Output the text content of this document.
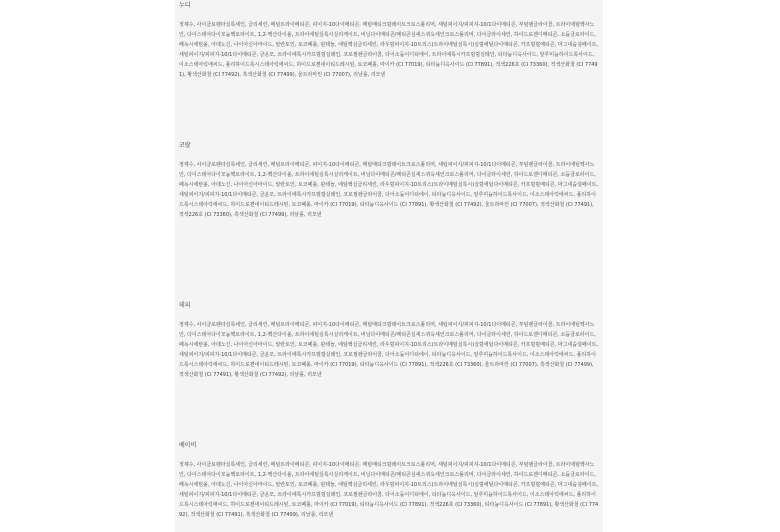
누디

정제수, 사이클로펜타실록세인, 글리세린, 메틸트라이메티콘, 피이지-10다이메티콘, 메틸메티크릴레이트크로스폴리머, 세틸피이지/피피지-10/1다이메티콘, 부틸렌글라이콜, 트라이에틸헥사노인, 다이스테아다이모늄헥토라이트, 1,2-헥산다이올, 트라이에틸실록시실리케이트, 비닐다이메티콘/메티콘실세스퀴옥세인크로스폴리머, 다이글라이세린, 하이드로젠디메티콘, 소듐클로라이드, 페녹시에탄올, 아데노신, 나이아신아마이드, 알란토인, 토코페롤, 판테놀, 에틸헥실글리세린, 라우릴피이지-10트리스(트라이메틸실록시)실릴에틸다이메티콘, 카프릴릴메티콘, 마그네슘설페이트, 세틸피이지/피피지-10/1다이메티콘, 금운모, 트라이에톡시카프릴릴실레인, 프로필렌글라이콜, 다이소듐이디티에이, 트라이에톡시카프릴릴실레인, 티타늄디옥사이드, 알루미늄하이드록사이드, 이소스테아릭애씨드, 폴리하이드록시스테아릭애씨드, 하이드로젠네이티드레시틴, 토코페롤, 마이카 (CI 77019), 티타늄디옥사이드 (CI 77891), 적색226호 (CI 73360), 적색산화철 (CI 77491), 황색산화철 (CI 77492), 흑색산화철 (CI 77499), 울트라마린 (CI 77007), 리날룰, 리모넨

코랄

정제수, 사이클로펜타실록세인, 글리세린, 메틸트라이메티콘, 피이지-10다이메티콘, 메틸메티크릴레이트크로스폴리머, 세틸피이지/피피지-10/1다이메티콘, 부틸렌글라이콜, 트라이에틸헥사노인, 다이스테아다이모늄헥토라이트, 1,2-헥산다이올, 트라이에틸실록시실리케이트, 비닐다이메티콘/메티콘실세스퀴옥세인크로스폴리머, 다이글라이세린, 하이드로젠디메티콘, 소듐클로라이드, 페녹시에탄올, 아데노신, 나이아신아마이드, 알란토인, 토코페롤, 판테놀, 에틸헥실글리세린, 라우릴피이지-10트리스(트라이메틸실록시)실릴에틸다이메티콘, 카프릴릴메티콘, 마그네슘설페이트, 세틸피이지/피피지-10/1다이메티콘, 금운모, 트라이에톡시카프릴릴실레인, 프로필렌글라이콜, 다이소듐이디티에이, 티타늄디옥사이드, 알루미늄하이드록사이드, 이소스테아릭애씨드, 폴리하이드록시스테아릭애씨드, 하이드로젠네이티드레시틴, 토코페롤, 마이카 (CI 77019), 티타늄디옥사이드 (CI 77891), 황색산화철 (CI 77492), 울트라마린 (CI 77007), 적색산화철 (CI 77491), 적색226호 (CI 73360), 흑색산화철 (CI 77499), 리날룰, 리모넨

데피

정제수, 사이클로펜타실록세인, 글리세린, 메틸트라이메티콘, 피이지-10다이메티콘, 메틸메티크릴레이트크로스폴리머, 세틸피이지/피피지-10/1다이메티콘, 부틸렌글라이콜, 트라이에틸헥사노인, 다이스테아다이모늄헥토라이트, 1,2-헥산다이올, 트라이에틸실록시실리케이트, 비닐다이메티콘/메티콘실세스퀴옥세인크로스폴리머, 다이글라이세린, 하이드로젠디메티콘, 소듐클로라이드, 페녹시에탄올, 아데노신, 나이아신아마이드, 알란토인, 토코페롤, 판테놀, 에틸헥실글리세린, 라우릴피이지-10트리스(트라이메틸실록시)실릴에틸다이메티콘, 카프릴릴메티콘, 마그네슘설페이트, 세틸피이지/피피지-10/1다이메티콘, 금운모, 트라이에톡시카프릴릴실레인, 프로필렌글라이콜, 다이소듐이디티에이, 티타늄디옥사이드, 알루미늄하이드록사이드, 이소스테아릭애씨드, 폴리하이드록시스테아릭애씨드, 하이드로젠네이티드레시틴, 토코페롤, 마이카 (CI 77019), 티타늄디옥사이드 (CI 77891), 적색226호 (CI 73360), 울트라마린 (CI 77007), 흑색산화철 (CI 77499), 적색산화철 (CI 77491), 황색산화철 (CI 77492), 리날룰, 리모넨

베이비

정제수, 사이클로펜타실록세인, 글리세린, 메틸트라이메티콘, 피이지-10다이메티콘, 메틸메티크릴레이트크로스폴리머, 세틸피이지/피피지-10/1다이메티콘, 부틸렌글라이콜, 트라이에틸헥사노인, 다이스테아다이모늄헥토라이트, 1,2-헥산다이올, 트라이에틸실록시실리케이트, 비닐다이메티콘/메티콘실세스퀴옥세인크로스폴리머, 다이글라이세린, 하이드로젠디메티콘, 소듐클로라이드, 페녹시에탄올, 아데노신, 나이아신아마이드, 알란토인, 토코페롤, 판테놀, 에틸헥실글리세린, 라우릴피이지-10트리스(트라이메틸실록시)실릴에틸다이메티콘, 카프릴릴메티콘, 마그네슘설페이트, 세틸피이지/피피지-10/1다이메티콘, 금운모, 트라이에톡시카프릴릴실레인, 프로필렌글라이콜, 다이소듐이디티에이, 티타늄디옥사이드, 알루미늄하이드록사이드, 이소스테아릭애씨드, 폴리하이드록시스테아릭애씨드, 하이드로젠네이티드레시틴, 토코페롤, 마이카 (CI 77019), 티타늄디옥사이드 (CI 77891), 적색226호 (CI 73360), 티타늄디옥사이드 (CI 77891), 황색산화철 (CI 77492), 적색산화철 (CI 77491), 흑색산화철 (CI 77499), 리날룰, 리모넨
